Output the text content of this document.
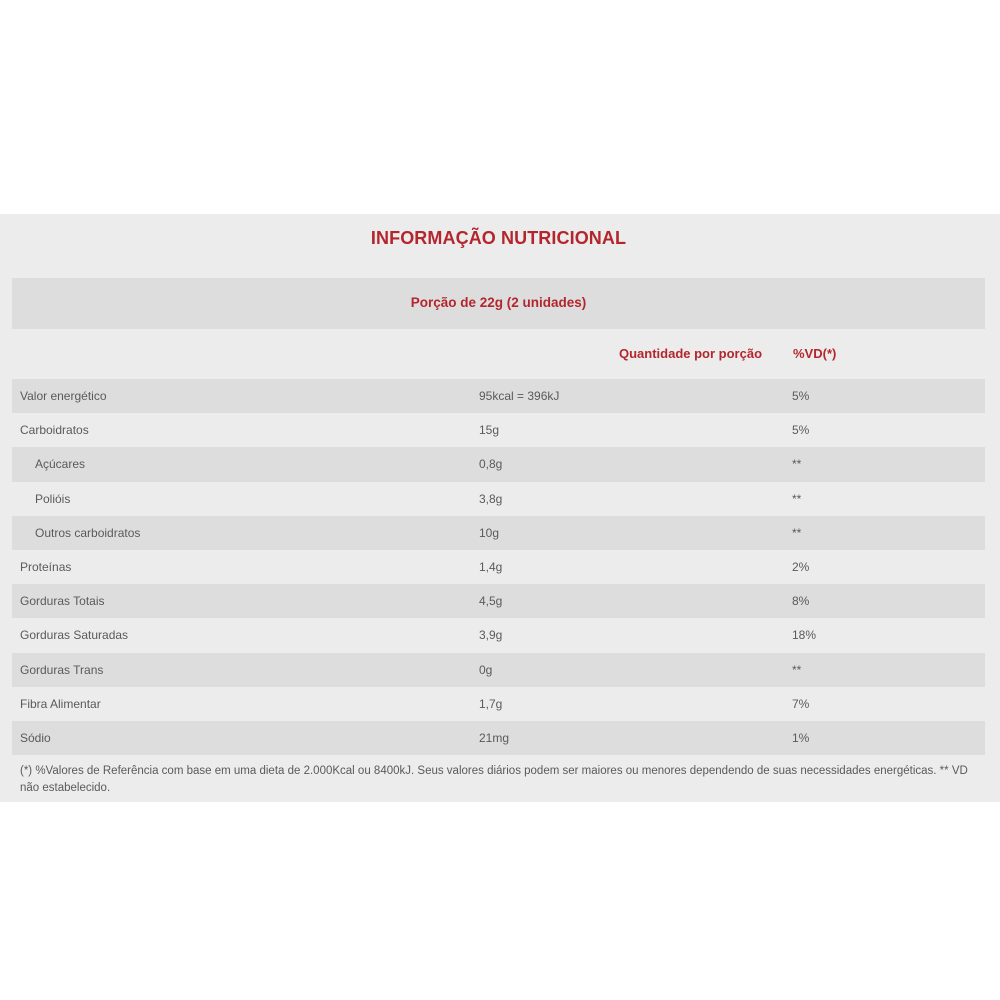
INFORMAÇÃO NUTRICIONAL
Porção de 22g (2 unidades)
Quantidade por porção %VD(*)
Valor energético	95kcal = 396kJ	5%
Carboidratos	15g	5%
Açúcares	0,8g	**
Polióis	3,8g	**
Outros carboidratos	10g	**
Proteínas	1,4g	2%
Gorduras Totais	4,5g	8%
Gorduras Saturadas	3,9g	18%
Gorduras Trans	0g	**
Fibra Alimentar	1,7g	7%
Sódio	21mg	1%
(*) %Valores de Referência com base em uma dieta de 2.000Kcal ou 8400kJ. Seus valores diários podem ser maiores ou menores dependendo de suas necessidades energéticas. ** VD não estabelecido.
